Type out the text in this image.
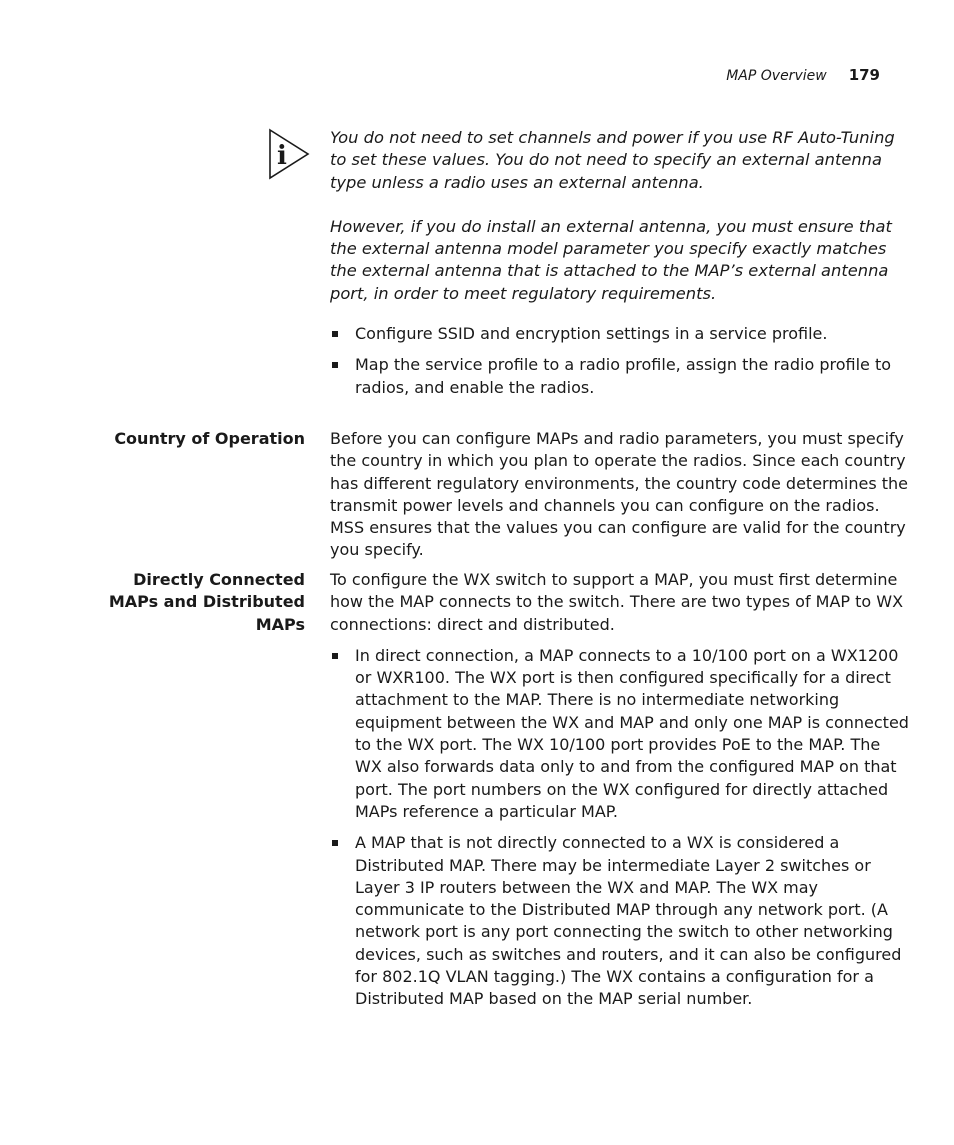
MAP Overview 179
i

You do not need to set channels and power if you use RF Auto-Tuning to set these values. You do not need to specify an external antenna type unless a radio uses an external antenna.

However, if you do install an external antenna, you must ensure that the external antenna model parameter you specify exactly matches the external antenna that is attached to the MAP’s external antenna port, in order to meet regulatory requirements.

Configure SSID and encryption settings in a service profile.
Map the service profile to a radio profile, assign the radio profile to radios, and enable the radios.
Country of Operation Before you can configure MAPs and radio parameters, you must specify the country in which you plan to operate the radios. Since each country has different regulatory environments, the country code determines the transmit power levels and channels you can configure on the radios. MSS ensures that the values you can configure are valid for the country you specify.

Directly Connected
MAPs and Distributed
MAPs

To configure the WX switch to support a MAP, you must first determine how the MAP connects to the switch. There are two types of MAP to WX connections: direct and distributed.

In direct connection, a MAP connects to a 10/100 port on a WX1200 or WXR100. The WX port is then configured specifically for a direct attachment to the MAP. There is no intermediate networking equipment between the WX and MAP and only one MAP is connected to the WX port. The WX 10/100 port provides PoE to the MAP. The WX also forwards data only to and from the configured MAP on that port. The port numbers on the WX configured for directly attached MAPs reference a particular MAP.
A MAP that is not directly connected to a WX is considered a Distributed MAP. There may be intermediate Layer 2 switches or Layer 3 IP routers between the WX and MAP. The WX may communicate to the Distributed MAP through any network port. (A network port is any port connecting the switch to other networking devices, such as switches and routers, and it can also be configured for 802.1Q VLAN tagging.) The WX contains a configuration for a Distributed MAP based on the MAP serial number.
